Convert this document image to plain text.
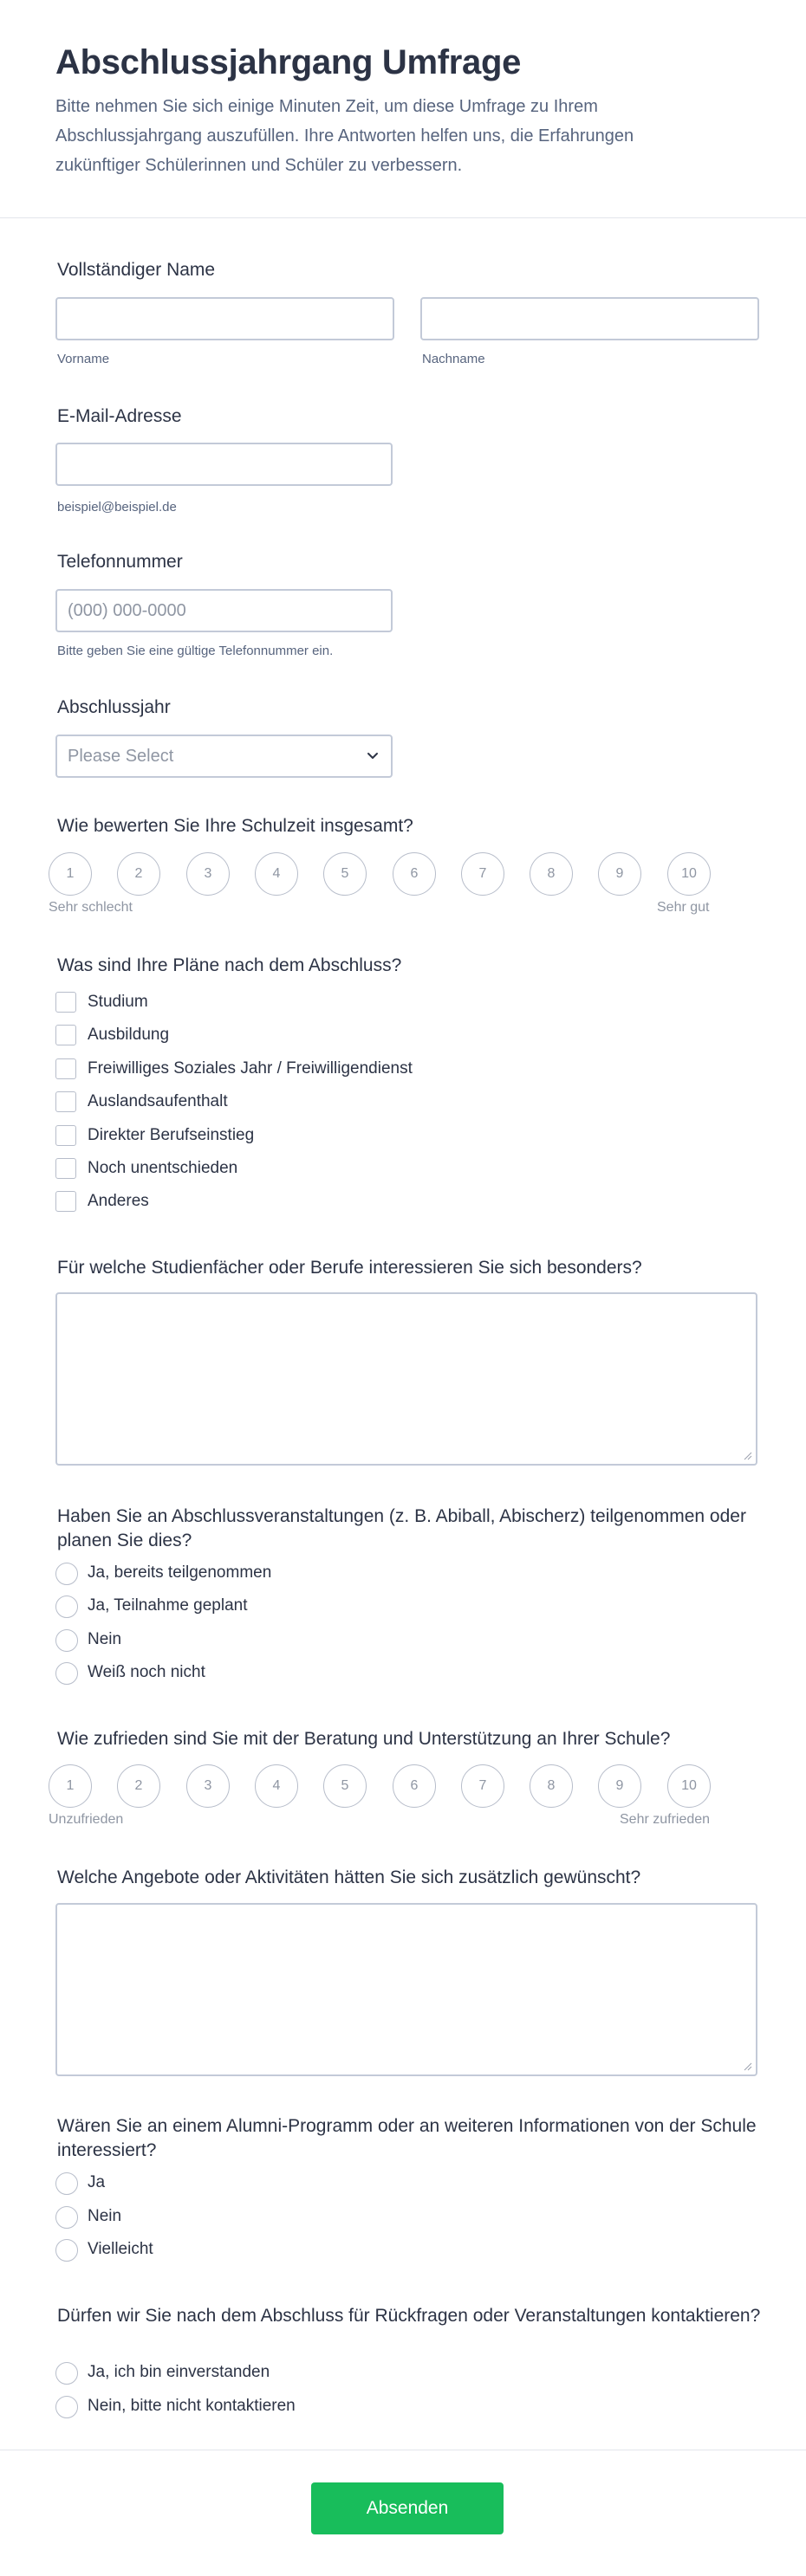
Abschlussjahrgang Umfrage
Bitte nehmen Sie sich einige Minuten Zeit, um diese Umfrage zu Ihrem Abschlussjahrgang auszufüllen. Ihre Antworten helfen uns, die Erfahrungen zukünftiger Schülerinnen und Schüler zu verbessern.
Vollständiger Name
Vorname	Nachname
E-Mail-Adresse
beispiel@beispiel.de
Telefonnummer
(000) 000-0000
Bitte geben Sie eine gültige Telefonnummer ein.
Abschlussjahr
Please Select
Wie bewerten Sie Ihre Schulzeit insgesamt?
1	2	3	4	5	6	7	8	9	10
Sehr schlecht	Sehr gut
Was sind Ihre Pläne nach dem Abschluss?
Studium
Ausbildung
Freiwilliges Soziales Jahr / Freiwilligendienst
Auslandsaufenthalt
Direkter Berufseinstieg
Noch unentschieden
Anderes
Für welche Studienfächer oder Berufe interessieren Sie sich besonders?
Haben Sie an Abschlussveranstaltungen (z. B. Abiball, Abischerz) teilgenommen oder planen Sie dies?
Ja, bereits teilgenommen
Ja, Teilnahme geplant
Nein
Weiß noch nicht
Wie zufrieden sind Sie mit der Beratung und Unterstützung an Ihrer Schule?
1	2	3	4	5	6	7	8	9	10
Unzufrieden	Sehr zufrieden
Welche Angebote oder Aktivitäten hätten Sie sich zusätzlich gewünscht?
Wären Sie an einem Alumni-Programm oder an weiteren Informationen von der Schule interessiert?
Ja
Nein
Vielleicht
Dürfen wir Sie nach dem Abschluss für Rückfragen oder Veranstaltungen kontaktieren?
Ja, ich bin einverstanden
Nein, bitte nicht kontaktieren
Absenden
